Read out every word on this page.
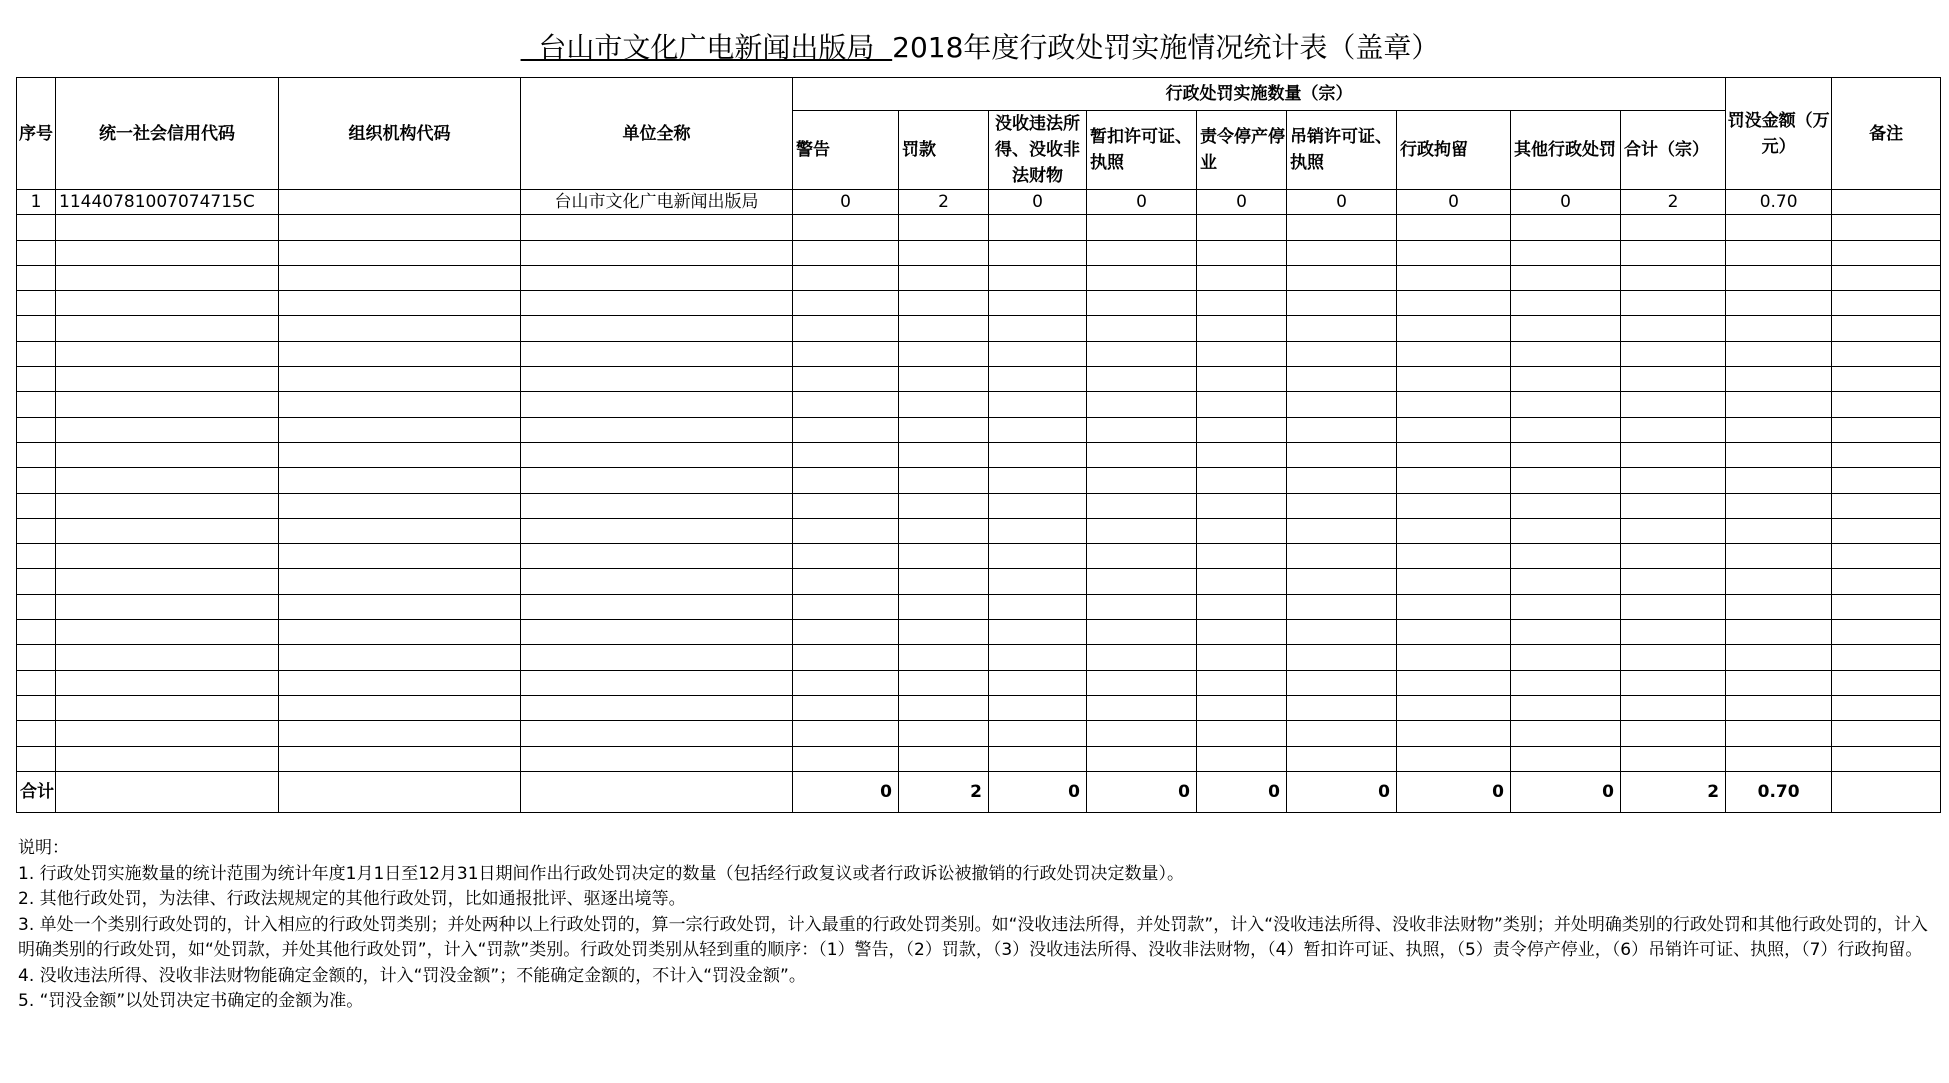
台山市文化广电新闻出版局  2018年度行政处罚实施情况统计表（盖章）
序号	统一社会信用代码	组织机构代码	单位全称	行政处罚实施数量（宗）									罚没金额（万元）	备注
				警告	罚款	没收违法所得、没收非法财物	暂扣许可证、执照	责令停产停业	吊销许可证、执照	行政拘留	其他行政处罚	合计（宗）		
1	11440781007074715C		台山市文化广电新闻出版局	0	2	0	0	0	0	0	0	2	0.70	

合计				0	2	0	0	0	0	0	0	2	0.70	
说明：
1. 行政处罚实施数量的统计范围为统计年度1月1日至12月31日期间作出行政处罚决定的数量（包括经行政复议或者行政诉讼被撤销的行政处罚决定数量）。
2. 其他行政处罚，为法律、行政法规规定的其他行政处罚，比如通报批评、驱逐出境等。
3. 单处一个类别行政处罚的，计入相应的行政处罚类别；并处两种以上行政处罚的，算一宗行政处罚，计入最重的行政处罚类别。如“没收违法所得，并处罚款”，计入“没收违法所得、没收非法财物”类别；并处明确类别的行政处罚和其他行政处罚的，计入明确类别的行政处罚，如“处罚款，并处其他行政处罚”，计入“罚款”类别。行政处罚类别从轻到重的顺序：（1）警告，（2）罚款，（3）没收违法所得、没收非法财物，（4）暂扣许可证、执照，（5）责令停产停业，（6）吊销许可证、执照，（7）行政拘留。
4. 没收违法所得、没收非法财物能确定金额的，计入“罚没金额”；不能确定金额的，不计入“罚没金额”。
5. “罚没金额”以处罚决定书确定的金额为准。
